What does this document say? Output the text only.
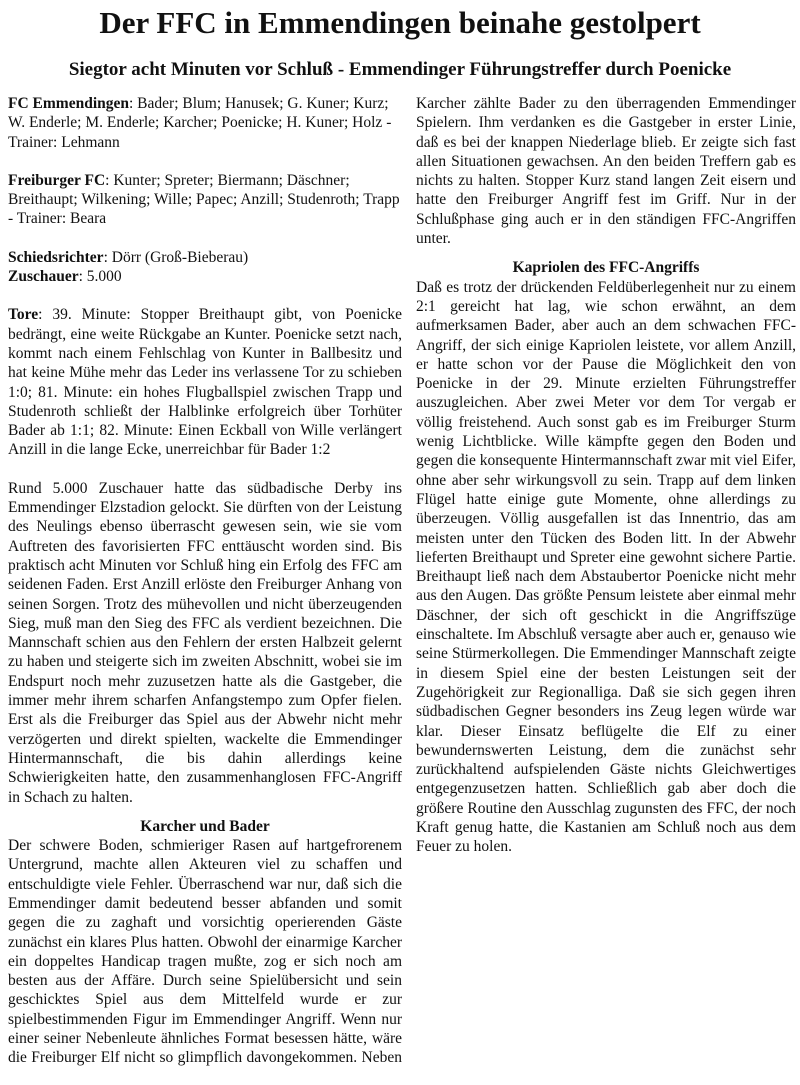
Der FFC in Emmendingen beinahe gestolpert
Siegtor acht Minuten vor Schluß - Emmendinger Führungstreffer durch Poenicke

FC Emmendingen: Bader; Blum; Hanusek; G. Kuner; Kurz; W. Enderle; M. Enderle; Karcher; Poenicke; H. Kuner; Holz - Trainer: Lehmann

Freiburger FC: Kunter; Spreter; Biermann; Däschner; Breithaupt; Wilkening; Wille; Papec; Anzill; Studenroth; Trapp - Trainer: Beara

Schiedsrichter: Dörr (Groß-Bieberau)

Zuschauer: 5.000

Tore: 39. Minute: Stopper Breithaupt gibt, von Poenicke bedrängt, eine weite Rückgabe an Kunter. Poenicke setzt nach, kommt nach einem Fehlschlag von Kunter in Ballbesitz und hat keine Mühe mehr das Leder ins verlassene Tor zu schieben 1:0; 81. Minute: ein hohes Flugballspiel zwischen Trapp und Studenroth schließt der Halblinke erfolgreich über Torhüter Bader ab 1:1; 82. Minute: Einen Eckball von Wille verlängert Anzill in die lange Ecke, unerreichbar für Bader 1:2

Rund 5.000 Zuschauer hatte das südbadische Derby ins Emmendinger Elzstadion gelockt. Sie dürften von der Leistung des Neulings ebenso überrascht gewesen sein, wie sie vom Auftreten des favorisierten FFC enttäuscht worden sind. Bis praktisch acht Minuten vor Schluß hing ein Erfolg des FFC am seidenen Faden. Erst Anzill erlöste den Freiburger Anhang von seinen Sorgen. Trotz des mühevollen und nicht überzeugenden Sieg, muß man den Sieg des FFC als verdient bezeichnen. Die Mannschaft schien aus den Fehlern der ersten Halbzeit gelernt zu haben und steigerte sich im zweiten Abschnitt, wobei sie im Endspurt noch mehr zuzusetzen hatte als die Gastgeber, die immer mehr ihrem scharfen Anfangstempo zum Opfer fielen. Erst als die Freiburger das Spiel aus der Abwehr nicht mehr verzögerten und direkt spielten, wackelte die Emmendinger Hintermannschaft, die bis dahin allerdings keine Schwierigkeiten hatte, den zusammenhanglosen FFC-Angriff in Schach zu halten.

Karcher und Bader

Der schwere Boden, schmieriger Rasen auf hartgefrorenem Untergrund, machte allen Akteuren viel zu schaffen und entschuldigte viele Fehler. Überraschend war nur, daß sich die Emmendinger damit bedeutend besser abfanden und somit gegen die zu zaghaft und vorsichtig operierenden Gäste zunächst ein klares Plus hatten. Obwohl der einarmige Karcher ein doppeltes Handicap tragen mußte, zog er sich noch am besten aus der Affäre. Durch seine Spielübersicht und sein geschicktes Spiel aus dem Mittelfeld wurde er zur spielbestimmenden Figur im Emmendinger Angriff. Wenn nur einer seiner Nebenleute ähnliches Format besessen hätte, wäre die Freiburger Elf nicht so glimpflich davongekommen. Neben

Karcher zählte Bader zu den überragenden Emmendinger Spielern. Ihm verdanken es die Gastgeber in erster Linie, daß es bei der knappen Niederlage blieb. Er zeigte sich fast allen Situationen gewachsen. An den beiden Treffern gab es nichts zu halten. Stopper Kurz stand langen Zeit eisern und hatte den Freiburger Angriff fest im Griff. Nur in der Schlußphase ging auch er in den ständigen FFC-Angriffen unter.

Kapriolen des FFC-Angriffs

Daß es trotz der drückenden Feldüberlegenheit nur zu einem 2:1 gereicht hat lag, wie schon erwähnt, an dem aufmerksamen Bader, aber auch an dem schwachen FFC-Angriff, der sich einige Kapriolen leistete, vor allem Anzill, er hatte schon vor der Pause die Möglichkeit den von Poenicke in der 29. Minute erzielten Führungstreffer auszugleichen. Aber zwei Meter vor dem Tor vergab er völlig freistehend. Auch sonst gab es im Freiburger Sturm wenig Lichtblicke. Wille kämpfte gegen den Boden und gegen die konsequente Hintermannschaft zwar mit viel Eifer, ohne aber sehr wirkungsvoll zu sein. Trapp auf dem linken Flügel hatte einige gute Momente, ohne allerdings zu überzeugen. Völlig ausgefallen ist das Innentrio, das am meisten unter den Tücken des Boden litt. In der Abwehr lieferten Breithaupt und Spreter eine gewohnt sichere Partie. Breithaupt ließ nach dem Abstaubertor Poenicke nicht mehr aus den Augen. Das größte Pensum leistete aber einmal mehr Däschner, der sich oft geschickt in die Angriffszüge einschaltete. Im Abschluß versagte aber auch er, genauso wie seine Stürmerkollegen. Die Emmendinger Mannschaft zeigte in diesem Spiel eine der besten Leistungen seit der Zugehörigkeit zur Regionalliga. Daß sie sich gegen ihren südbadischen Gegner besonders ins Zeug legen würde war klar. Dieser Einsatz beflügelte die Elf zu einer bewundernswerten Leistung, dem die zunächst sehr zurückhaltend aufspielenden Gäste nichts Gleichwertiges entgegenzusetzen hatten. Schließlich gab aber doch die größere Routine den Ausschlag zugunsten des FFC, der noch Kraft genug hatte, die Kastanien am Schluß noch aus dem Feuer zu holen.
